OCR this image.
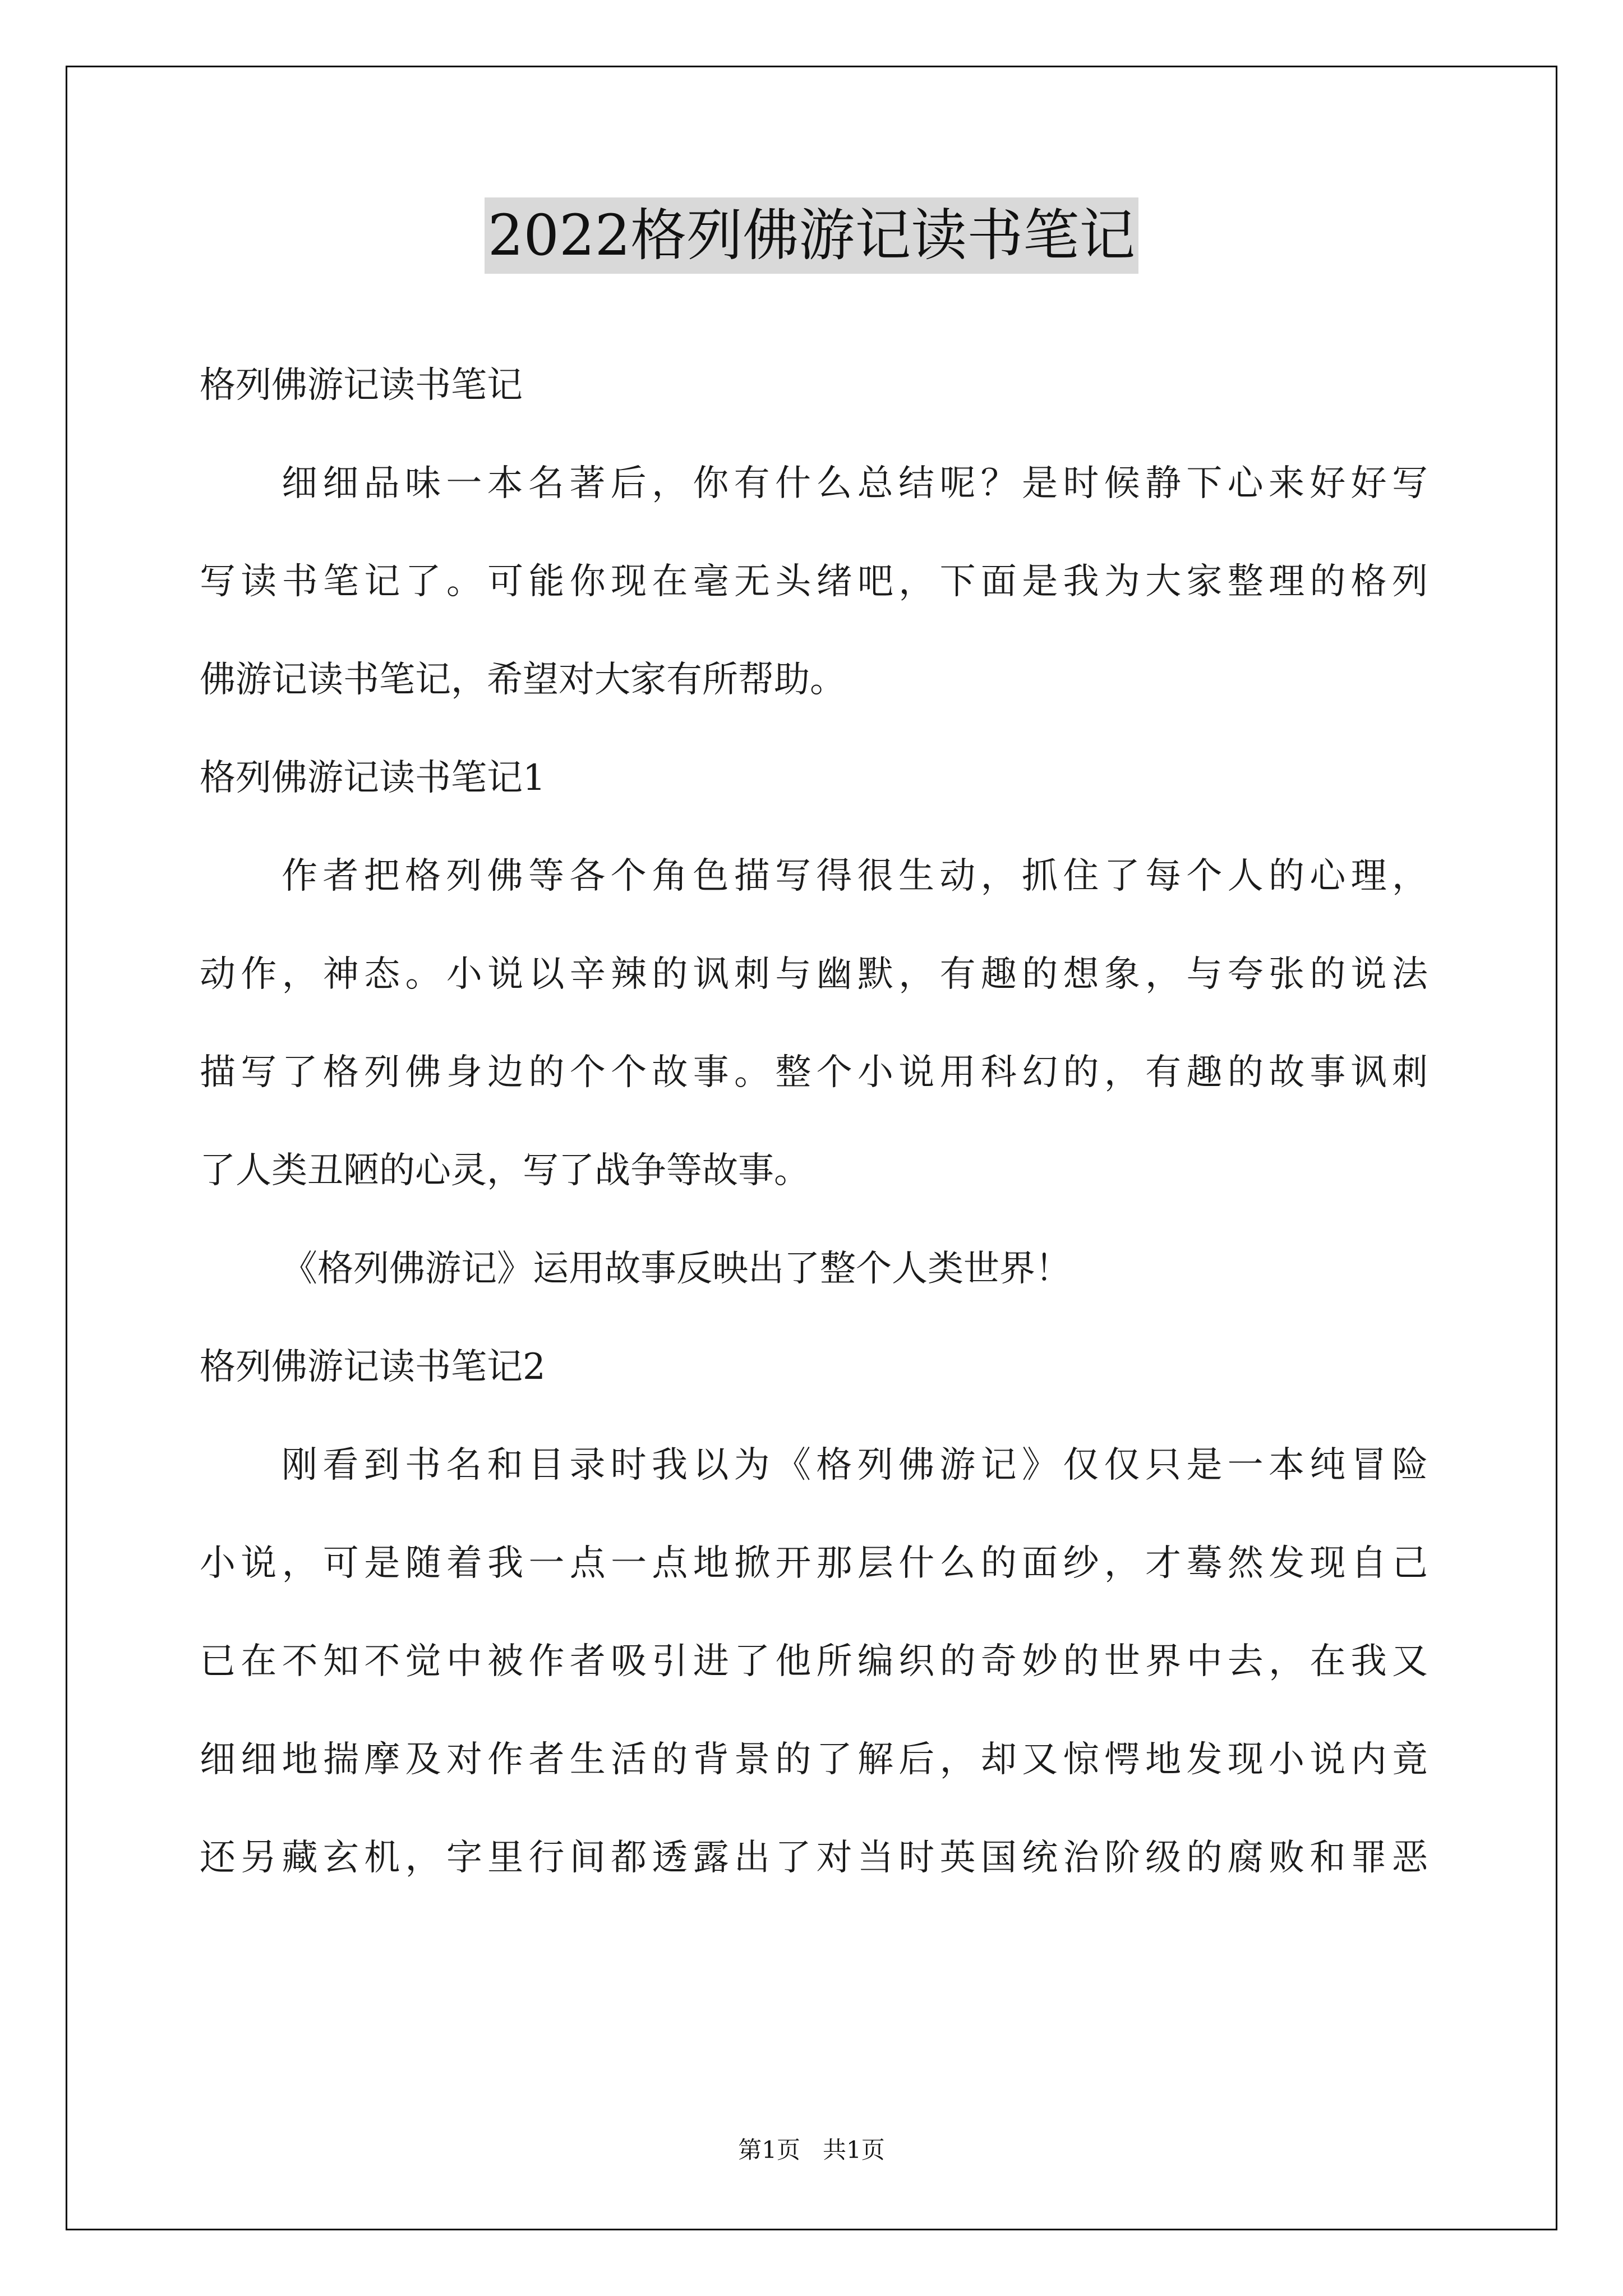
2022格列佛游记读书笔记
格列佛游记读书笔记
细细品味一本名著后，你有什么总结呢？是时候静下心来好好写
写读书笔记了。可能你现在毫无头绪吧，下面是我为大家整理的格列
佛游记读书笔记，希望对大家有所帮助。
格列佛游记读书笔记1
作者把格列佛等各个角色描写得很生动，抓住了每个人的心理，
动作，神态。小说以辛辣的讽刺与幽默，有趣的想象，与夸张的说法
描写了格列佛身边的个个故事。整个小说用科幻的，有趣的故事讽刺
了人类丑陋的心灵，写了战争等故事。
《格列佛游记》运用故事反映出了整个人类世界！
格列佛游记读书笔记2
刚看到书名和目录时我以为《格列佛游记》仅仅只是一本纯冒险
小说，可是随着我一点一点地掀开那层什么的面纱，才蓦然发现自己
已在不知不觉中被作者吸引进了他所编织的奇妙的世界中去，在我又
细细地揣摩及对作者生活的背景的了解后，却又惊愕地发现小说内竟
还另藏玄机，字里行间都透露出了对当时英国统治阶级的腐败和罪恶
第1页   共1页
